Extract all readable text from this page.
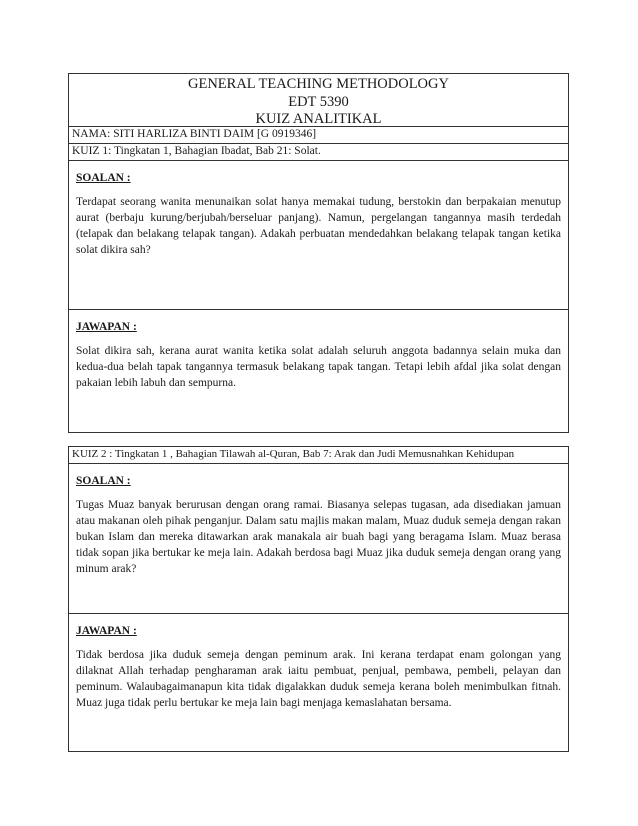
GENERAL TEACHING METHODOLOGY
EDT 5390
KUIZ ANALITIKAL
NAMA: SITI HARLIZA BINTI DAIM [G 0919346]
KUIZ 1: Tingkatan 1, Bahagian Ibadat, Bab 21: Solat.
SOALAN :

Terdapat seorang wanita menunaikan solat hanya memakai tudung, berstokin dan berpakaian menutup aurat (berbaju kurung/berjubah/berseluar panjang). Namun, pergelangan tangannya masih terdedah (telapak dan belakang telapak tangan). Adakah perbuatan mendedahkan belakang telapak tangan ketika solat dikira sah?

JAWAPAN :

Solat dikira sah, kerana aurat wanita ketika solat adalah seluruh anggota badannya selain muka dan kedua-dua belah tapak tangannya termasuk belakang tapak tangan. Tetapi lebih afdal jika solat dengan pakaian lebih labuh dan sempurna.

KUIZ 2 : Tingkatan 1 , Bahagian Tilawah al-Quran, Bab 7: Arak dan Judi Memusnahkan Kehidupan
SOALAN :

Tugas Muaz banyak berurusan dengan orang ramai. Biasanya selepas tugasan, ada disediakan jamuan atau makanan oleh pihak penganjur. Dalam satu majlis makan malam, Muaz duduk semeja dengan rakan bukan Islam dan mereka ditawarkan arak manakala air buah bagi yang beragama Islam. Muaz berasa tidak sopan jika bertukar ke meja lain. Adakah berdosa bagi Muaz jika duduk semeja dengan orang yang minum arak?

JAWAPAN :

Tidak berdosa jika duduk semeja dengan peminum arak. Ini kerana terdapat enam golongan yang dilaknat Allah terhadap pengharaman arak iaitu pembuat, penjual, pembawa, pembeli, pelayan dan peminum. Walaubagaimanapun kita tidak digalakkan duduk semeja kerana boleh menimbulkan fitnah. Muaz juga tidak perlu bertukar ke meja lain bagi menjaga kemaslahatan bersama.
